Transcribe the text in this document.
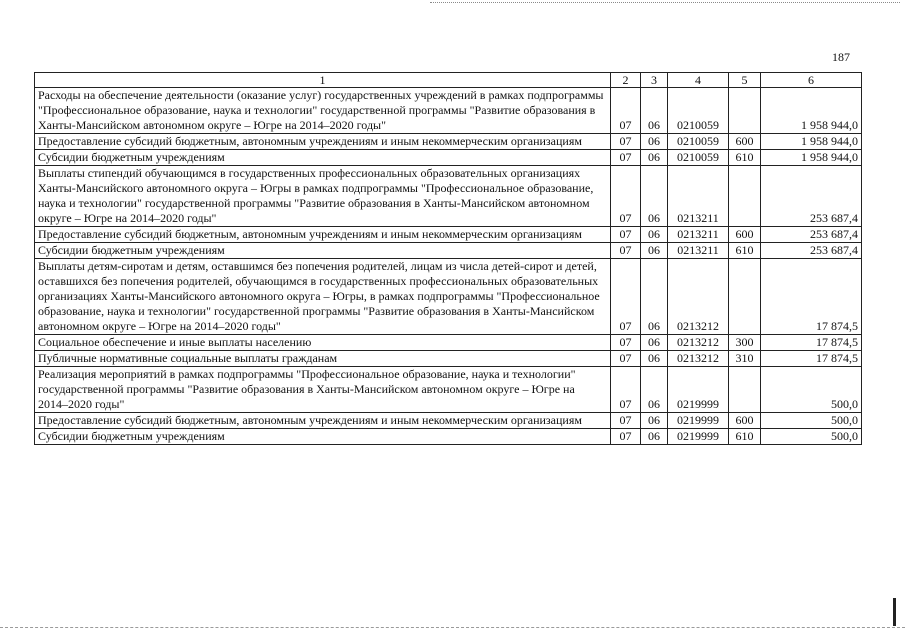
187
1	2	3	4	5	6
Расходы на обеспечение деятельности (оказание услуг) государственных учреждений в рамках подпрограммы "Профессиональное образование, наука и технологии" государственной программы "Развитие образования в Ханты-Мансийском автономном округе – Югре на 2014–2020 годы"	07	06	0210059		1 958 944,0
Предоставление субсидий бюджетным, автономным учреждениям и иным некоммерческим организациям	07	06	0210059	600	1 958 944,0
Субсидии бюджетным учреждениям	07	06	0210059	610	1 958 944,0
Выплаты стипендий обучающимся в государственных профессиональных образовательных организациях Ханты-Мансийского автономного округа – Югры в рамках подпрограммы "Профессиональное образование, наука и технологии" государственной программы "Развитие образования в Ханты-Мансийском автономном округе – Югре на 2014–2020 годы"	07	06	0213211		253 687,4
Предоставление субсидий бюджетным, автономным учреждениям и иным некоммерческим организациям	07	06	0213211	600	253 687,4
Субсидии бюджетным учреждениям	07	06	0213211	610	253 687,4
Выплаты детям-сиротам и детям, оставшимся без попечения родителей, лицам из числа детей-сирот и детей, оставшихся без попечения родителей, обучающимся в государственных профессиональных образовательных организациях Ханты-Мансийского автономного округа – Югры, в рамках подпрограммы "Профессиональное образование, наука и технологии" государственной программы "Развитие образования в Ханты-Мансийском автономном округе – Югре на 2014–2020 годы"	07	06	0213212		17 874,5
Социальное обеспечение и иные выплаты населению	07	06	0213212	300	17 874,5
Публичные нормативные социальные выплаты гражданам	07	06	0213212	310	17 874,5
Реализация мероприятий в рамках подпрограммы "Профессиональное образование, наука и технологии" государственной программы "Развитие образования в Ханты-Мансийском автономном округе – Югре на 2014–2020 годы"	07	06	0219999		500,0
Предоставление субсидий бюджетным, автономным учреждениям и иным некоммерческим организациям	07	06	0219999	600	500,0
Субсидии бюджетным учреждениям	07	06	0219999	610	500,0
